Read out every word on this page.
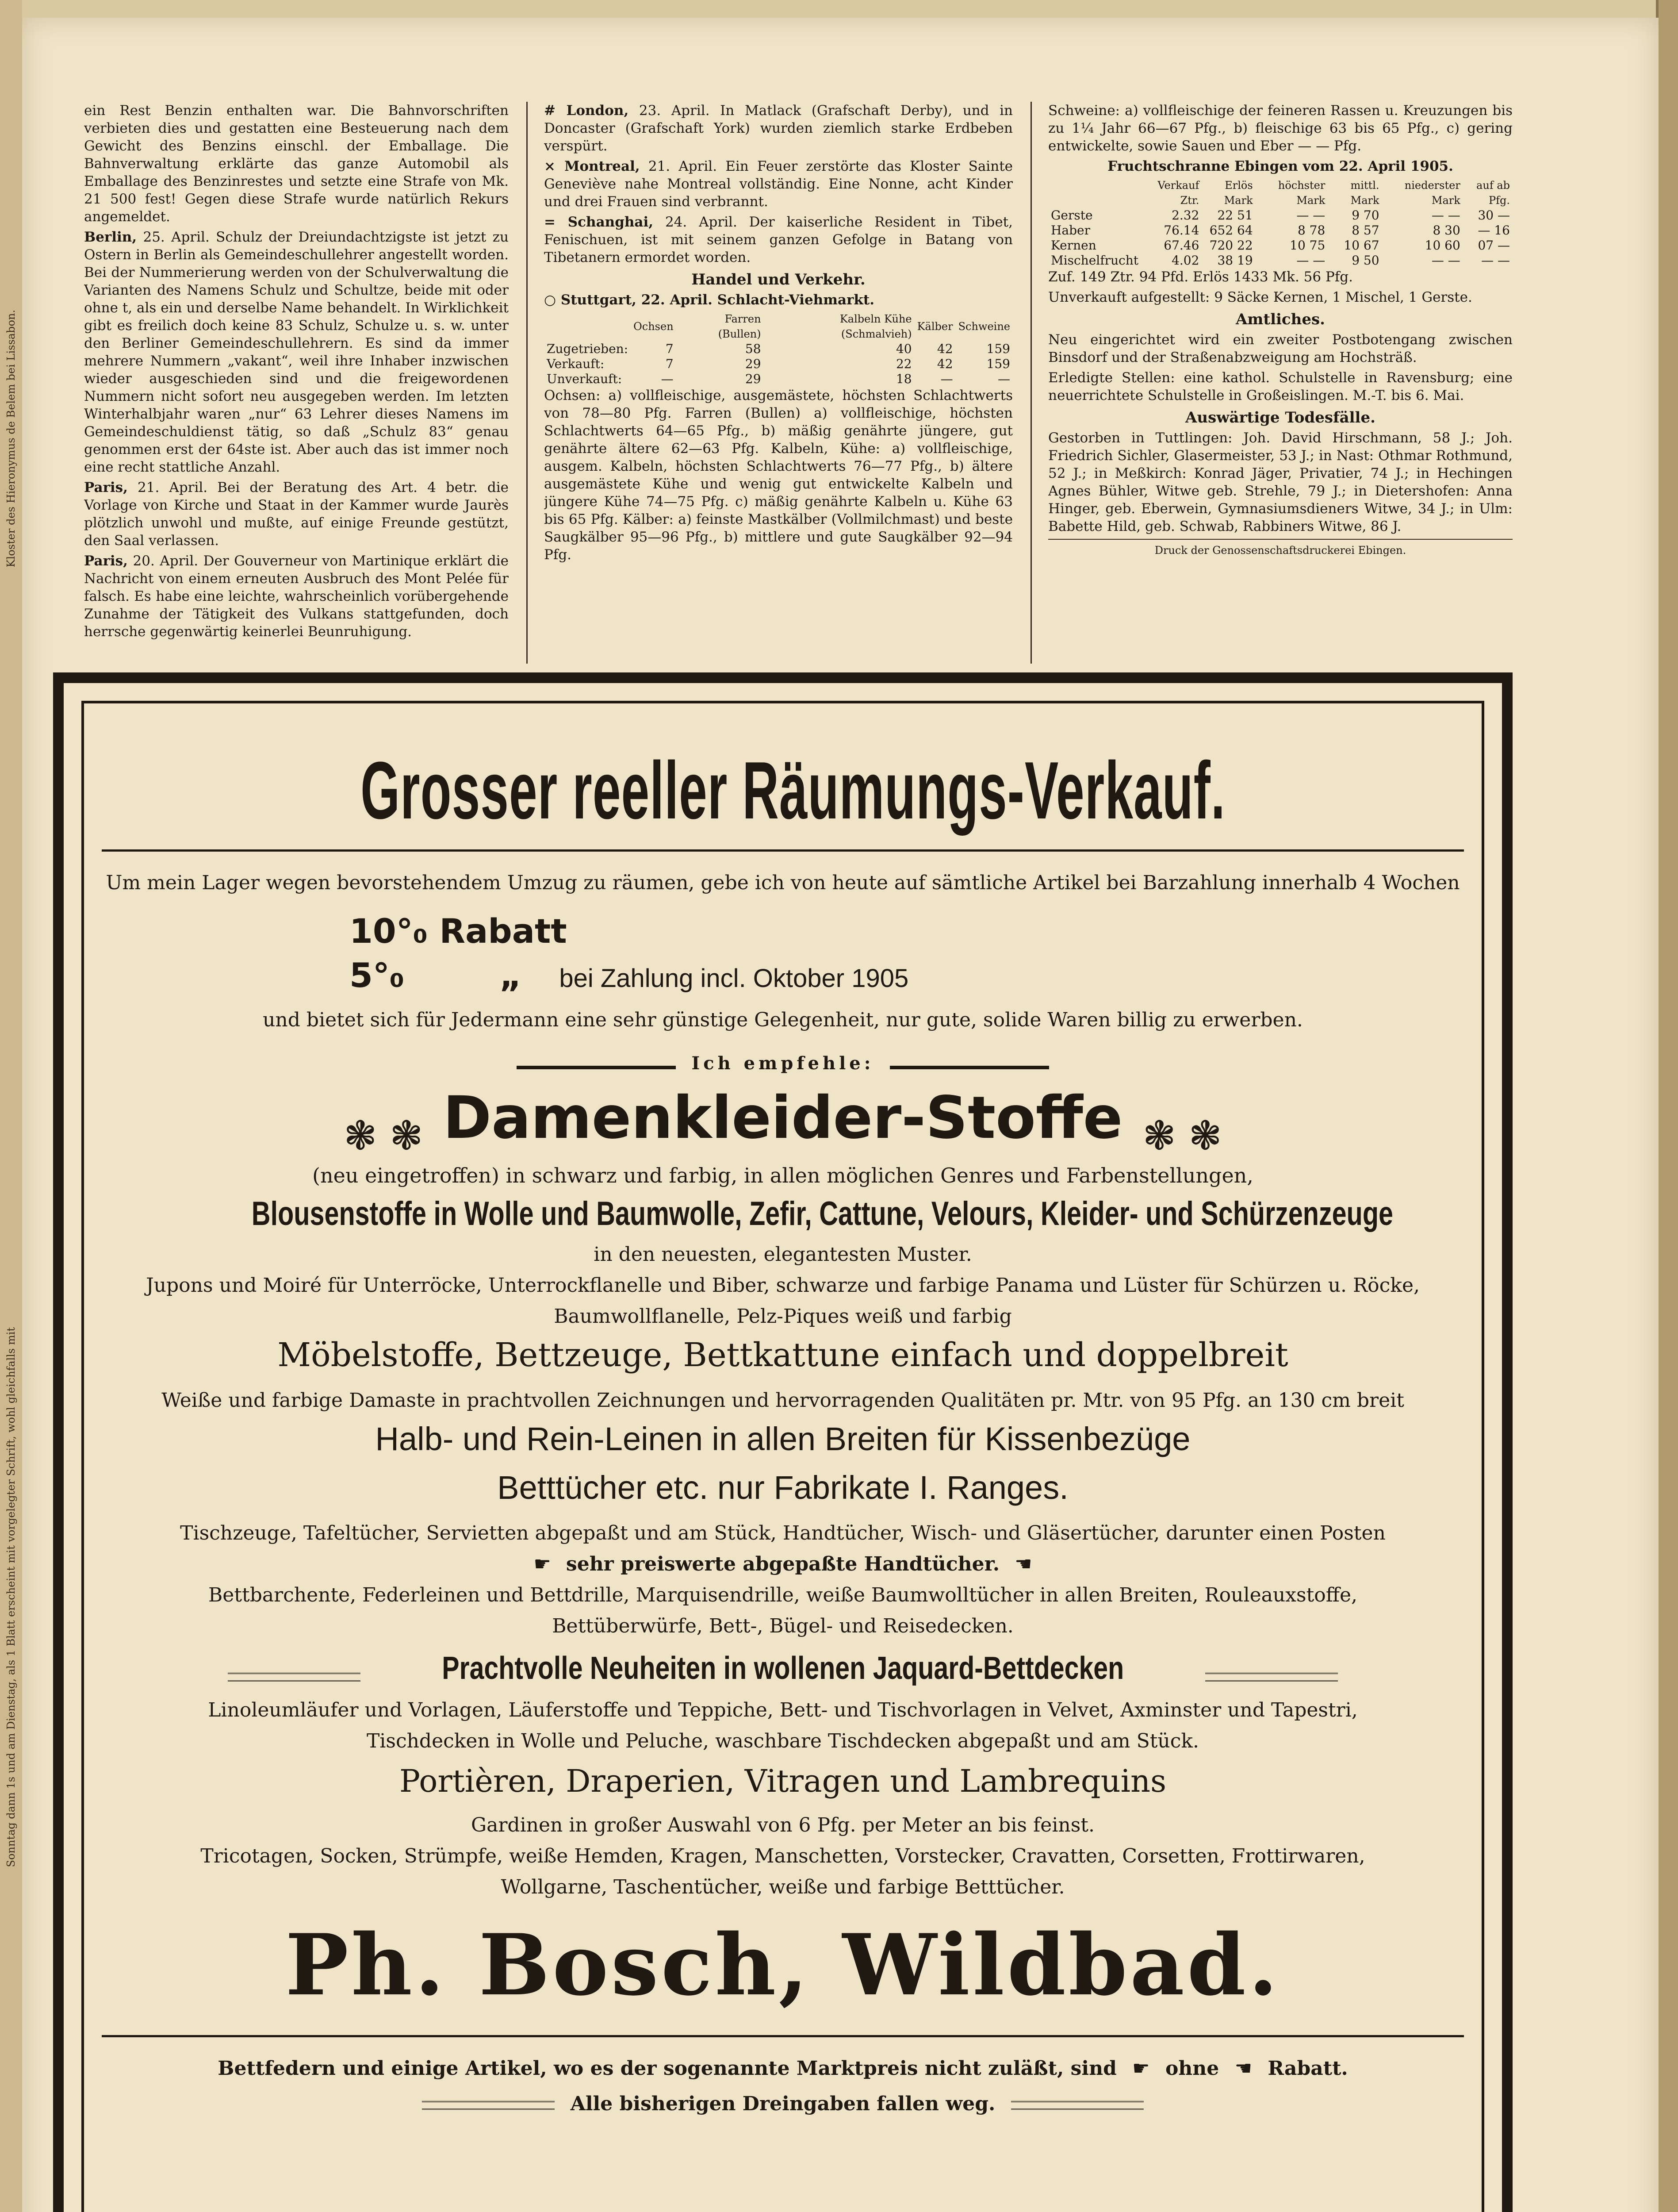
Kloster des Hieronymus de Belem bei Lissabon.
Sonntag dann 1s und am Dienstag, als 1 Blatt erscheint mit vorgelegter Schrift, wohl gleichfalls mit

ein Rest Benzin enthalten war. Die Bahnvorschriften verbieten dies und gestatten eine Besteuerung nach dem Gewicht des Benzins einschl. der Emballage. Die Bahnverwaltung erklärte das ganze Automobil als Emballage des Benzinrestes und setzte eine Strafe von Mk. 21 500 fest! Gegen diese Strafe wurde natürlich Rekurs angemeldet.

Berlin, 25. April. Schulz der Dreiundachtzigste ist jetzt zu Ostern in Berlin als Gemeindeschullehrer angestellt worden. Bei der Nummerierung werden von der Schulverwaltung die Varianten des Namens Schulz und Schultze, beide mit oder ohne t, als ein und derselbe Name behandelt. In Wirklichkeit gibt es freilich doch keine 83 Schulz, Schulze u. s. w. unter den Berliner Gemeindeschullehrern. Es sind da immer mehrere Nummern „vakant“, weil ihre Inhaber inzwischen wieder ausgeschieden sind und die freigewordenen Nummern nicht sofort neu ausgegeben werden. Im letzten Winterhalbjahr waren „nur“ 63 Lehrer dieses Namens im Gemeindeschuldienst tätig, so daß „Schulz 83“ genau genommen erst der 64ste ist. Aber auch das ist immer noch eine recht stattliche Anzahl.

Paris, 21. April. Bei der Beratung des Art. 4 betr. die Vorlage von Kirche und Staat in der Kammer wurde Jaurès plötzlich unwohl und mußte, auf einige Freunde gestützt, den Saal verlassen.

Paris, 20. April. Der Gouverneur von Martinique erklärt die Nachricht von einem erneuten Ausbruch des Mont Pelée für falsch. Es habe eine leichte, wahrscheinlich vorübergehende Zunahme der Tätigkeit des Vulkans stattgefunden, doch herrsche gegenwärtig keinerlei Beunruhigung.

# London, 23. April. In Matlack (Grafschaft Derby), und in Doncaster (Grafschaft York) wurden ziemlich starke Erdbeben verspürt.

× Montreal, 21. April. Ein Feuer zerstörte das Kloster Sainte Geneviève nahe Montreal vollständig. Eine Nonne, acht Kinder und drei Frauen sind verbrannt.

= Schanghai, 24. April. Der kaiserliche Resident in Tibet, Fenischuen, ist mit seinem ganzen Gefolge in Batang von Tibetanern ermordet worden.

Handel und Verkehr.

○ Stuttgart, 22. April. Schlacht-Viehmarkt.

	Ochsen	Farren (Bullen)	Kalbeln Kühe (Schmalvieh)	Kälber	Schweine
Zugetrieben:	7	58	40	42	159
Verkauft:	7	29	22	42	159
Unverkauft:	—	29	18	—	—

Ochsen: a) vollfleischige, ausgemästete, höchsten Schlachtwerts von 78—80 Pfg. Farren (Bullen) a) vollfleischige, höchsten Schlachtwerts 64—65 Pfg., b) mäßig genährte jüngere, gut genährte ältere 62—63 Pfg. Kalbeln, Kühe: a) vollfleischige, ausgem. Kalbeln, höchsten Schlachtwerts 76—77 Pfg., b) ältere ausgemästete Kühe und wenig gut entwickelte Kalbeln und jüngere Kühe 74—75 Pfg. c) mäßig genährte Kalbeln u. Kühe 63 bis 65 Pfg. Kälber: a) feinste Mastkälber (Vollmilchmast) und beste Saugkälber 95—96 Pfg., b) mittlere und gute Saugkälber 92—94 Pfg.

Schweine: a) vollfleischige der feineren Rassen u. Kreuzungen bis zu 1¼ Jahr 66—67 Pfg., b) fleischige 63 bis 65 Pfg., c) gering entwickelte, sowie Sauen und Eber — — Pfg.

Fruchtschranne Ebingen vom 22. April 1905.

	Verkauf Ztr.	Erlös Mark	höchster Mark	mittl. Mark	niederster Mark	auf ab Pfg.
Gerste	2.32	22 51	— —	9 70	— —	30 —
Haber	76.14	652 64	8 78	8 57	8 30	— 16
Kernen	67.46	720 22	10 75	10 67	10 60	07 —
Mischelfrucht	4.02	38 19	— —	9 50	— —	— —

Zuf. 149 Ztr. 94 Pfd. Erlös 1433 Mk. 56 Pfg.

Unverkauft aufgestellt: 9 Säcke Kernen, 1 Mischel, 1 Gerste.

Amtliches.

Neu eingerichtet wird ein zweiter Postbotengang zwischen Binsdorf und der Straßenabzweigung am Hochsträß.

Erledigte Stellen: eine kathol. Schulstelle in Ravensburg; eine neuerrichtete Schulstelle in Großeislingen. M.-T. bis 6. Mai.

Auswärtige Todesfälle.

Gestorben in Tuttlingen: Joh. David Hirschmann, 58 J.; Joh. Friedrich Sichler, Glasermeister, 53 J.; in Nast: Othmar Rothmund, 52 J.; in Meßkirch: Konrad Jäger, Privatier, 74 J.; in Hechingen Agnes Bühler, Witwe geb. Strehle, 79 J.; in Dietershofen: Anna Hinger, geb. Eberwein, Gymnasiumsdieners Witwe, 34 J.; in Ulm: Babette Hild, geb. Schwab, Rabbiners Witwe, 86 J.

Druck der Genossenschaftsdruckerei Ebingen.
Grosser reeller Räumungs-Verkauf.
Um mein Lager wegen bevorstehendem Umzug zu räumen, gebe ich von heute auf sämtliche Artikel bei Barzahlung innerhalb 4 Wochen
10°₀ Rabatt
5°₀	„ bei Zahlung incl. Oktober 1905
und bietet sich für Jedermann eine sehr günstige Gelegenheit, nur gute, solide Waren billig zu erwerben.
Ich empfehle:
❃ ❃ Damenkleider-Stoffe ❃ ❃
(neu eingetroffen) in schwarz und farbig, in allen möglichen Genres und Farbenstellungen,
Blousenstoffe in Wolle und Baumwolle, Zefir, Cattune, Velours, Kleider- und Schürzenzeuge
in den neuesten, elegantesten Muster.
Jupons und Moiré für Unterröcke, Unterrockflanelle und Biber, schwarze und farbige Panama und Lüster für Schürzen u. Röcke,
Baumwollflanelle, Pelz-Piques weiß und farbig
Möbelstoffe, Bettzeuge, Bettkattune einfach und doppelbreit
Weiße und farbige Damaste in prachtvollen Zeichnungen und hervorragenden Qualitäten pr. Mtr. von 95 Pfg. an 130 cm breit
Halb- und Rein-Leinen in allen Breiten für Kissenbezüge
Betttücher etc. nur Fabrikate I. Ranges.
Tischzeuge, Tafeltücher, Servietten abgepaßt und am Stück, Handtücher, Wisch- und Gläsertücher, darunter einen Posten
☛ sehr preiswerte abgepaßte Handtücher. ☚
Bettbarchente, Federleinen und Bettdrille, Marquisendrille, weiße Baumwolltücher in allen Breiten, Rouleauxstoffe,
Bettüberwürfe, Bett-, Bügel- und Reisedecken.
Prachtvolle Neuheiten in wollenen Jaquard-Bettdecken
Linoleumläufer und Vorlagen, Läuferstoffe und Teppiche, Bett- und Tischvorlagen in Velvet, Axminster und Tapestri,
Tischdecken in Wolle und Peluche, waschbare Tischdecken abgepaßt und am Stück.
Portièren, Draperien, Vitragen und Lambrequins
Gardinen in großer Auswahl von 6 Pfg. per Meter an bis feinst.
Tricotagen, Socken, Strümpfe, weiße Hemden, Kragen, Manschetten, Vorstecker, Cravatten, Corsetten, Frottirwaren,
Wollgarne, Taschentücher, weiße und farbige Betttücher.
Ph. Bosch, Wildbad.
Bettfedern und einige Artikel, wo es der sogenannte Marktpreis nicht zuläßt, sind ☛ ohne ☚ Rabatt.
Alle bisherigen Dreingaben fallen weg.
